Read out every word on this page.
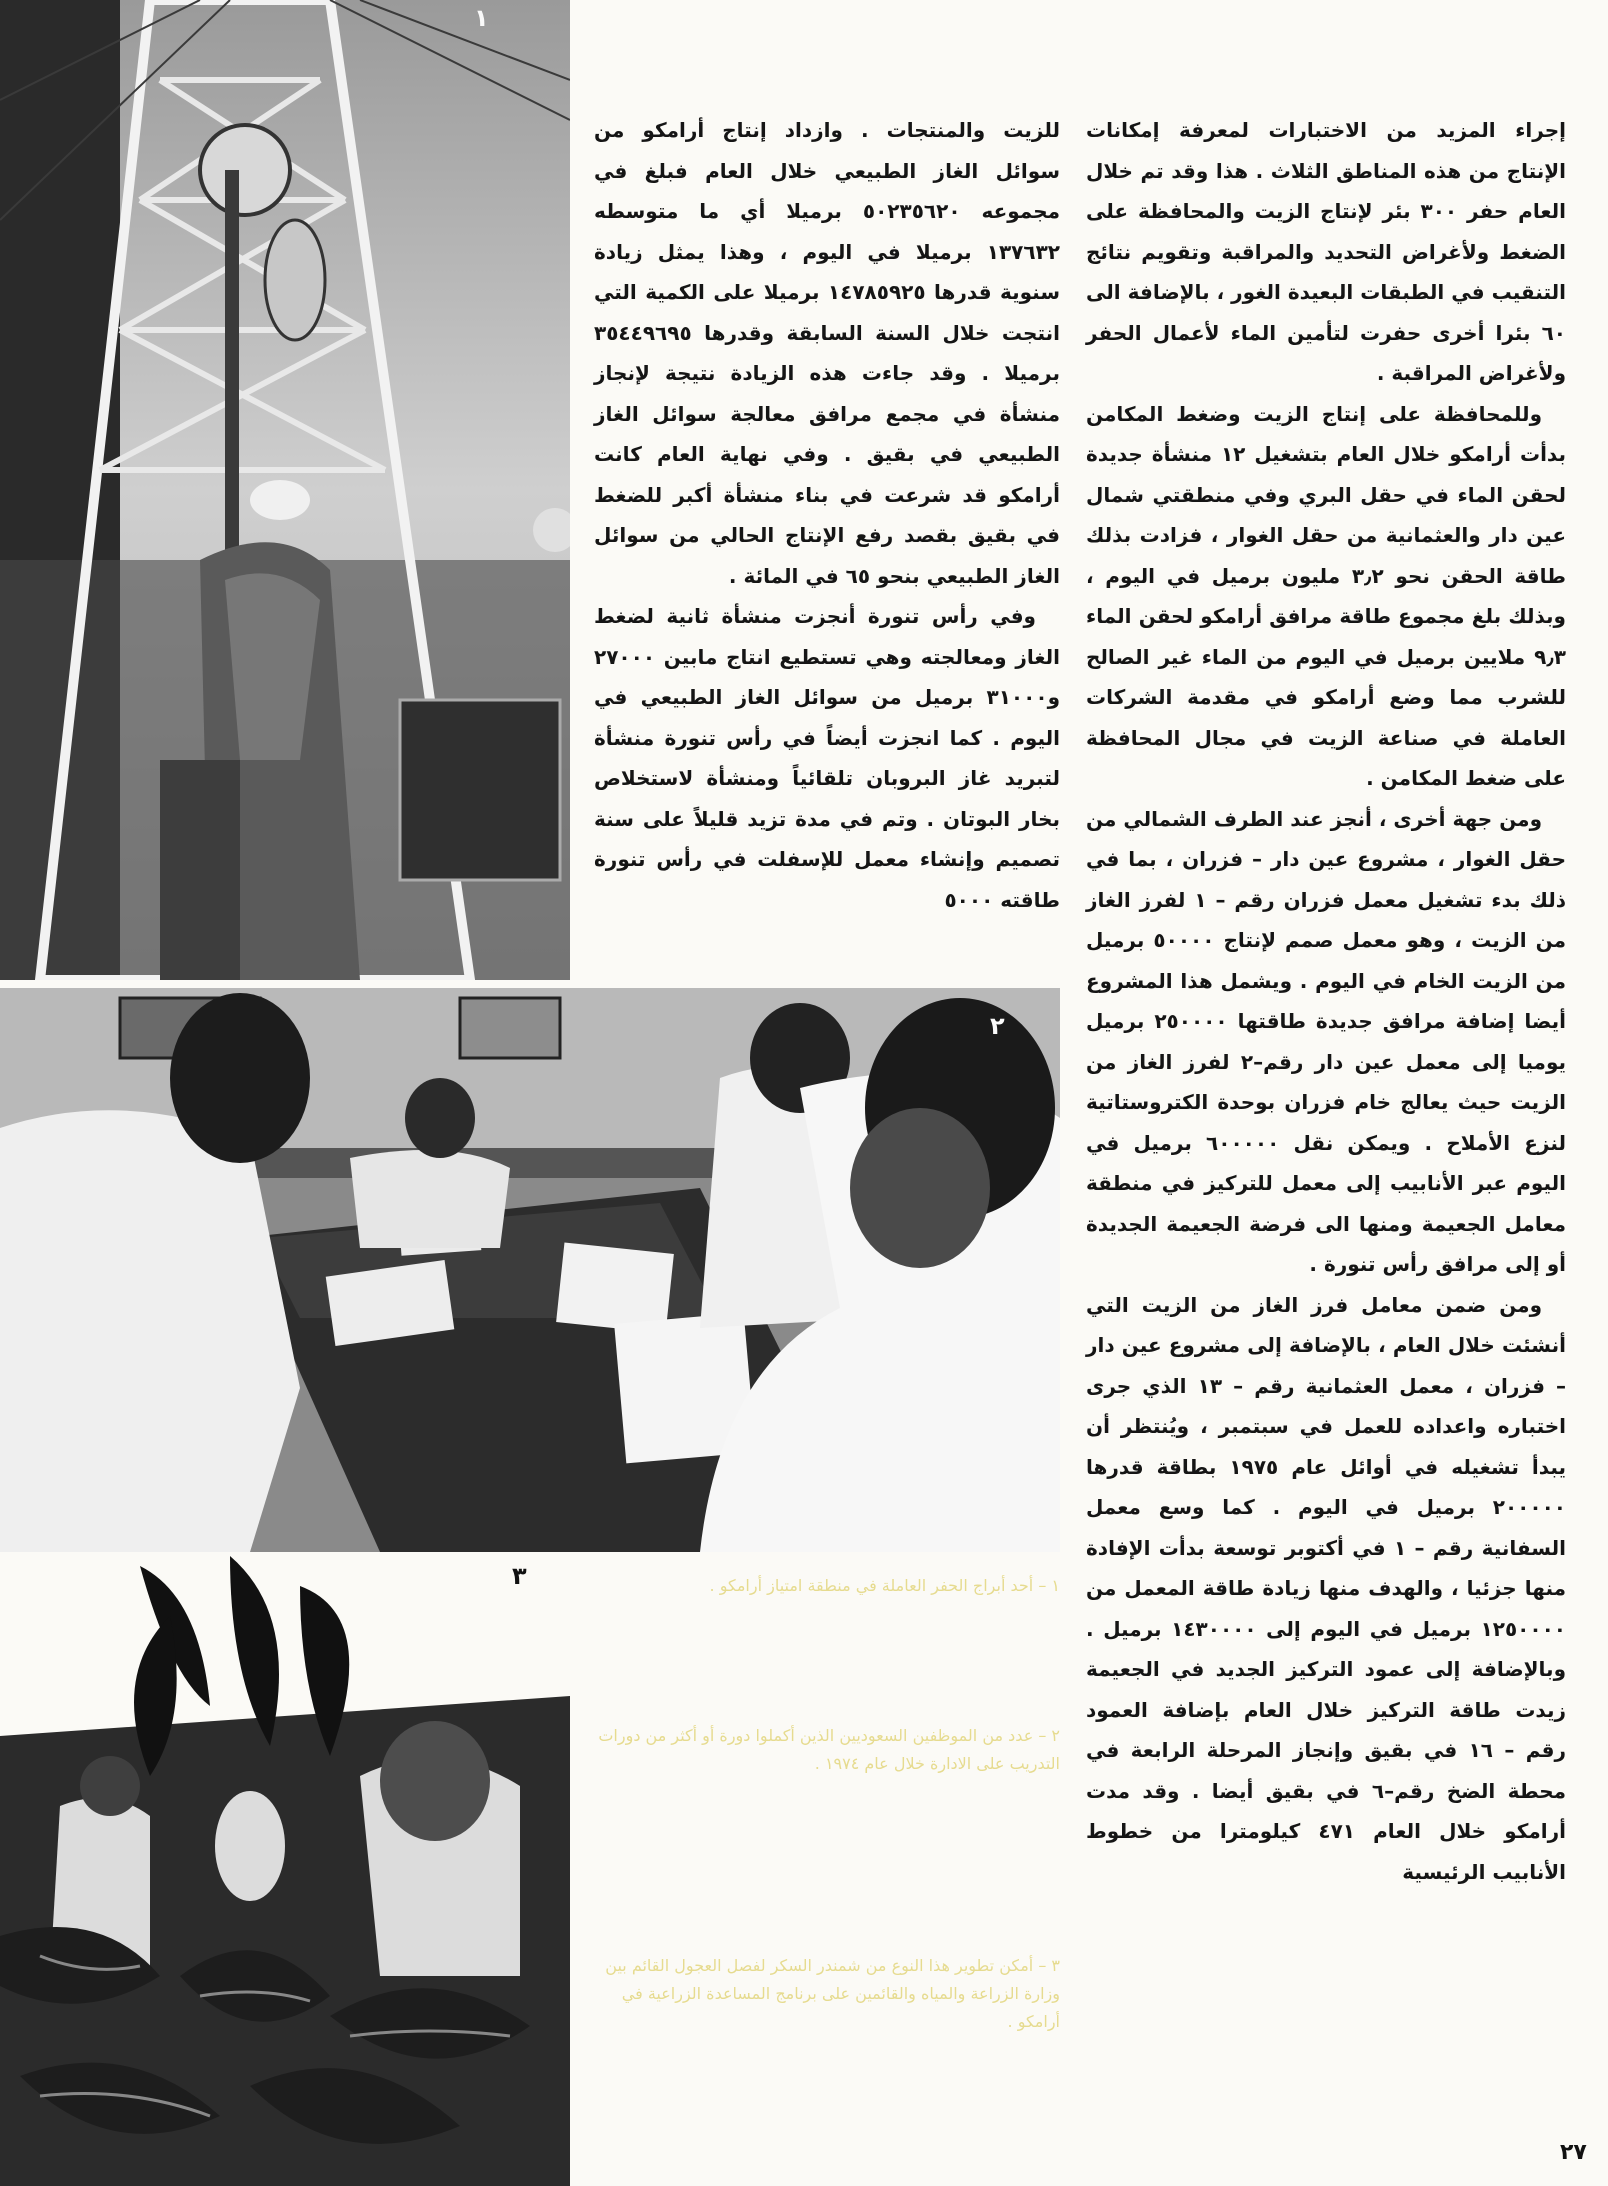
١
٢
٣	١ – أحد أبراج الحفر العاملة في منطقة امتياز أرامكو .
٢ – عدد من الموظفين السعوديين الذين أكملوا دورة أو أكثر من دورات التدريب على الادارة خلال عام ١٩٧٤ .
٣ – أمكن تطوير هذا النوع من شمندر السكر لفصل العجول القائم بين وزارة الزراعة والمياه والقائمين على برنامج المساعدة الزراعية في أرامكو .

للزيت والمنتجات . وازداد إنتاج أرامكو من سوائل الغاز الطبيعي خلال العام فبلغ في مجموعه ٥٠٢٣٥٦٢٠ برميلا أي ما متوسطه ١٣٧٦٣٢ برميلا في اليوم ، وهذا يمثل زيادة سنوية قدرها ١٤٧٨٥٩٢٥ برميلا على الكمية التي انتجت خلال السنة السابقة وقدرها ٣٥٤٤٩٦٩٥ برميلا . وقد جاءت هذه الزيادة نتيجة لإنجاز منشأة في مجمع مرافق معالجة سوائل الغاز الطبيعي في بقيق . وفي نهاية العام كانت أرامكو قد شرعت في بناء منشأة أكبر للضغط في بقيق بقصد رفع الإنتاج الحالي من سوائل الغاز الطبيعي بنحو ٦٥ في المائة .

وفي رأس تنورة أنجزت منشأة ثانية لضغط الغاز ومعالجته وهي تستطيع انتاج مابين ٢٧٠٠٠ و٣١٠٠٠ برميل من سوائل الغاز الطبيعي في اليوم . كما انجزت أيضاً في رأس تنورة منشأة لتبريد غاز البروبان تلقائياً ومنشأة لاستخلاص بخار البوتان . وتم في مدة تزيد قليلاً على سنة تصميم وإنشاء معمل للإسفلت في رأس تنورة طاقته ٥٠٠٠

إجراء المزيد من الاختبارات لمعرفة إمكانات الإنتاج من هذه المناطق الثلاث . هذا وقد تم خلال العام حفر ٣٠٠ بئر لإنتاج الزيت والمحافظة على الضغط ولأغراض التحديد والمراقبة وتقويم نتائج التنقيب في الطبقات البعيدة الغور ، بالإضافة الى ٦٠ بئرا أخرى حفرت لتأمين الماء لأعمال الحفر ولأغراض المراقبة .

وللمحافظة على إنتاج الزيت وضغط المكامن بدأت أرامكو خلال العام بتشغيل ١٢ منشأة جديدة لحقن الماء في حقل البري وفي منطقتي شمال عين دار والعثمانية من حقل الغوار ، فزادت بذلك طاقة الحقن نحو ٣٫٢ مليون برميل في اليوم ، وبذلك بلغ مجموع طاقة مرافق أرامكو لحقن الماء ٩٫٣ ملايين برميل في اليوم من الماء غير الصالح للشرب مما وضع أرامكو في مقدمة الشركات العاملة في صناعة الزيت في مجال المحافظة على ضغط المكامن .

ومن جهة أخرى ، أنجز عند الطرف الشمالي من حقل الغوار ، مشروع عين دار – فزران ، بما في ذلك بدء تشغيل معمل فزران رقم – ١ لفرز الغاز من الزيت ، وهو معمل صمم لإنتاج ٥٠٠٠٠ برميل من الزيت الخام في اليوم . ويشمل هذا المشروع أيضا إضافة مرافق جديدة طاقتها ٢٥٠٠٠٠ برميل يوميا إلى معمل عين دار رقم–٢ لفرز الغاز من الزيت حيث يعالج خام فزران بوحدة الكتروستاتية لنزع الأملاح . ويمكن نقل ٦٠٠٠٠٠ برميل في اليوم عبر الأنابيب إلى معمل للتركيز في منطقة معامل الجعيمة ومنها الى فرضة الجعيمة الجديدة أو إلى مرافق رأس تنورة .

ومن ضمن معامل فرز الغاز من الزيت التي أنشئت خلال العام ، بالإضافة إلى مشروع عين دار – فزران ، معمل العثمانية رقم – ١٣ الذي جرى اختباره واعداده للعمل في سبتمبر ، ويُنتظر أن يبدأ تشغيله في أوائل عام ١٩٧٥ بطاقة قدرها ٢٠٠٠٠٠ برميل في اليوم . كما وسع معمل السفانية رقم – ١ في أكتوبر توسعة بدأت الإفادة منها جزئيا ، والهدف منها زيادة طاقة المعمل من ١٢٥٠٠٠٠ برميل في اليوم إلى ١٤٣٠٠٠٠ برميل . وبالإضافة إلى عمود التركيز الجديد في الجعيمة زيدت طاقة التركيز خلال العام بإضافة العمود رقم – ١٦ في بقيق وإنجاز المرحلة الرابعة في محطة الضخ رقم–٦ في بقيق أيضا . وقد مدت أرامكو خلال العام ٤٧١ كيلومترا من خطوط الأنابيب الرئيسية

٢٧
